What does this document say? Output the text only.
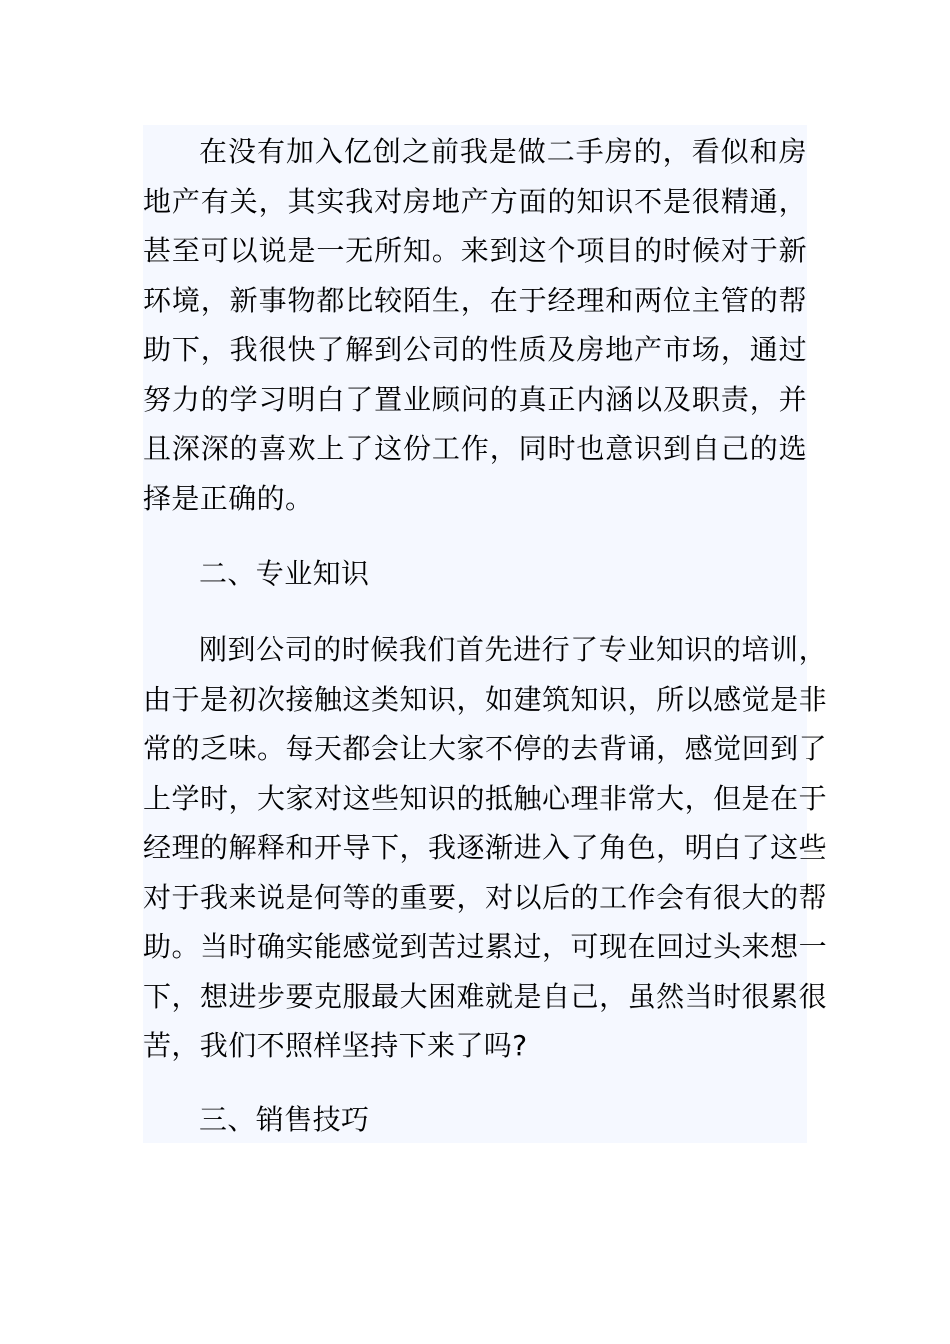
在没有加入亿创之前我是做二手房的，看似和房地产有关，其实我对房地产方面的知识不是很精通，甚至可以说是一无所知。来到这个项目的时候对于新环境，新事物都比较陌生，在于经理和两位主管的帮助下，我很快了解到公司的性质及房地产市场，通过努力的学习明白了置业顾问的真正内涵以及职责，并且深深的喜欢上了这份工作，同时也意识到自己的选择是正确的。

二、专业知识

刚到公司的时候我们首先进行了专业知识的培训，由于是初次接触这类知识，如建筑知识，所以感觉是非常的乏味。每天都会让大家不停的去背诵，感觉回到了上学时，大家对这些知识的抵触心理非常大，但是在于经理的解释和开导下，我逐渐进入了角色，明白了这些对于我来说是何等的重要，对以后的工作会有很大的帮助。当时确实能感觉到苦过累过，可现在回过头来想一下，想进步要克服最大困难就是自己，虽然当时很累很苦，我们不照样坚持下来了吗?

三、销售技巧
